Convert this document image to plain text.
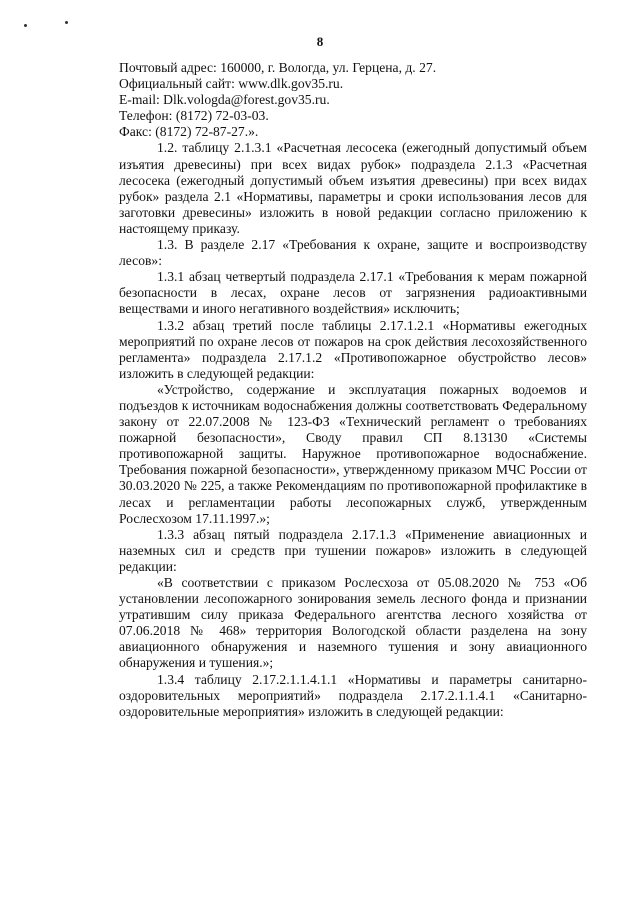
8

Почтовый адрес: 160000, г. Вологда, ул. Герцена, д. 27.

Официальный сайт: www.dlk.gov35.ru.

E-mail: Dlk.vologda@forest.gov35.ru.

Телефон: (8172) 72-03-03.

Факс: (8172) 72-87-27.».

1.2. таблицу 2.1.3.1 «Расчетная лесосека (ежегодный допустимый объем изъятия древесины) при всех видах рубок» подраздела 2.1.3 «Расчетная лесосека (ежегодный допустимый объем изъятия древесины) при всех видах рубок» раздела 2.1 «Нормативы, параметры и сроки использования лесов для заготовки древесины» изложить в новой редакции согласно приложению к настоящему приказу.

1.3. В разделе 2.17 «Требования к охране, защите и воспроизводству лесов»:

1.3.1 абзац четвертый подраздела 2.17.1 «Требования к мерам пожарной безопасности в лесах, охране лесов от загрязнения радиоактивными веществами и иного негативного воздействия» исключить;

1.3.2 абзац третий после таблицы 2.17.1.2.1 «Нормативы ежегодных мероприятий по охране лесов от пожаров на срок действия лесохозяйственного регламента» подраздела 2.17.1.2 «Противопожарное обустройство лесов» изложить в следующей редакции:

«Устройство, содержание и эксплуатация пожарных водоемов и подъездов к источникам водоснабжения должны соответствовать Федеральному закону от 22.07.2008 № 123-ФЗ «Технический регламент о требованиях пожарной безопасности», Своду правил СП 8.13130 «Системы противопожарной защиты. Наружное противопожарное водоснабжение. Требования пожарной безопасности», утвержденному приказом МЧС России от 30.03.2020 № 225, а также Рекомендациям по противопожарной профилактике в лесах и регламентации работы лесопожарных служб, утвержденным Рослесхозом 17.11.1997.»;

1.3.3 абзац пятый подраздела 2.17.1.3 «Применение авиационных и наземных сил и средств при тушении пожаров» изложить в следующей редакции:

«В соответствии с приказом Рослесхоза от 05.08.2020 № 753 «Об установлении лесопожарного зонирования земель лесного фонда и признании утратившим силу приказа Федерального агентства лесного хозяйства от 07.06.2018 № 468» территория Вологодской области разделена на зону авиационного обнаружения и наземного тушения и зону авиационного обнаружения и тушения.»;

1.3.4 таблицу 2.17.2.1.1.4.1.1 «Нормативы и параметры санитарно-оздоровительных мероприятий» подраздела 2.17.2.1.1.4.1 «Санитарно-оздоровительные мероприятия» изложить в следующей редакции:
